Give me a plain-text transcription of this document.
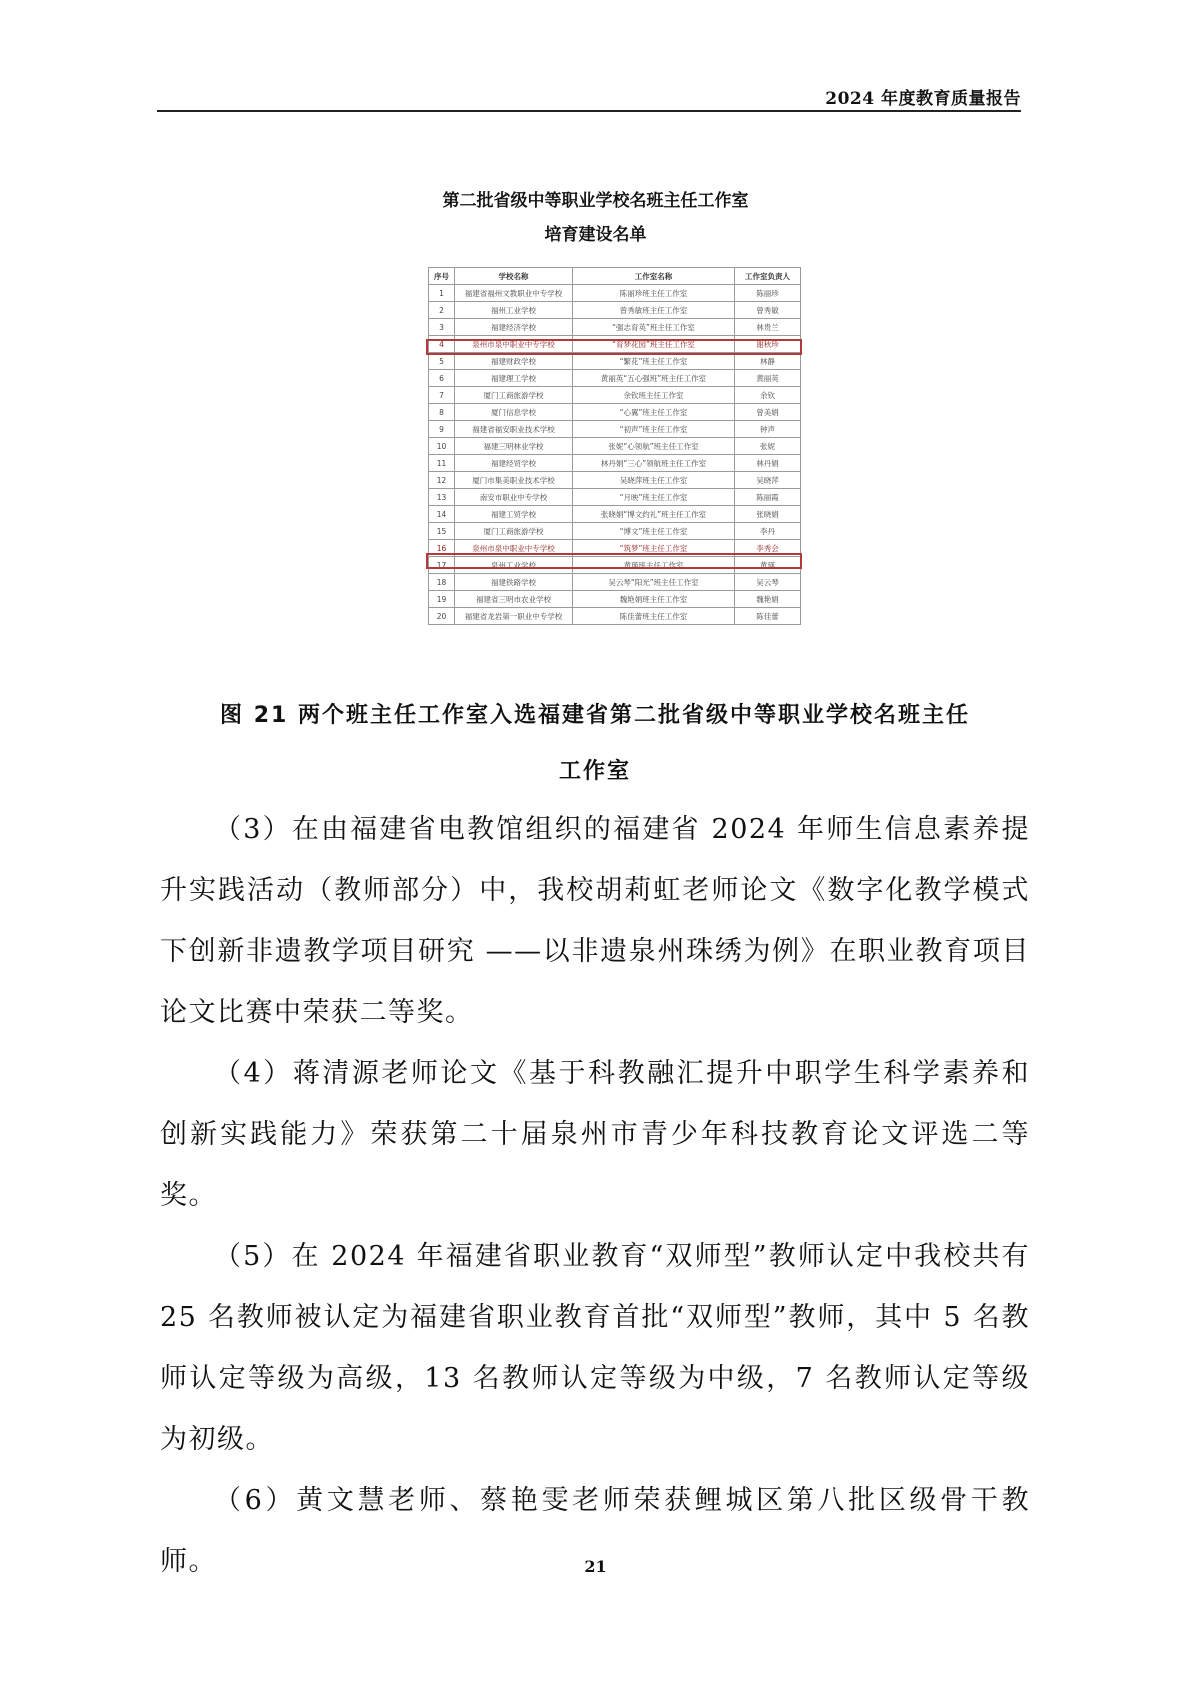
2024 年度教育质量报告
第二批省级中等职业学校名班主任工作室
培育建设名单
序号	学校名称	工作室名称	工作室负责人
1	福建省福州文教职业中专学校	陈丽珍班主任工作室	陈丽珍
2	福州工业学校	曾秀敏班主任工作室	曾秀敏
3	福建经济学校	“强志育英”班主任工作室	林贵兰
4	泉州市泉中职业中专学校	“育梦花园”班主任工作室	谢秋珍
5	福建财政学校	“繁花”班主任工作室	林静
6	福建理工学校	黄丽英“五心强班”班主任工作室	黄丽英
7	厦门工商旅游学校	余钦班主任工作室	余钦
8	厦门信息学校	“心翼”班主任工作室	曾美娟
9	福建省福安职业技术学校	“初声”班主任工作室	钟声
10	福建三明林业学校	张妮“心领航”班主任工作室	张妮
11	福建经贸学校	林丹娟“三心”领航班主任工作室	林丹娟
12	厦门市集美职业技术学校	吴晓萍班主任工作室	吴晓萍
13	南安市职业中专学校	“月映”班主任工作室	陈丽霞
14	福建工贸学校	张晓娟“博文约礼”班主任工作室	张晓娟
15	厦门工商旅游学校	“博文”班主任工作室	李丹
16	泉州市泉中职业中专学校	“筑梦”班主任工作室	李秀会
17	泉州工业学校	黄瑛班主任工作室	黄瑛
18	福建铁路学校	吴云琴“阳光”班主任工作室	吴云琴
19	福建省三明市农业学校	魏艳娟班主任工作室	魏艳娟
20	福建省龙岩第一职业中专学校	陈佳蕾班主任工作室	陈佳蕾
图 21 两个班主任工作室入选福建省第二批省级中等职业学校名班主任
工作室

（3）在由福建省电教馆组织的福建省 2024 年师生信息素养提升实践活动（教师部分）中，我校胡莉虹老师论文《数字化教学模式下创新非遗教学项目研究 ——以非遗泉州珠绣为例》在职业教育项目论文比赛中荣获二等奖。

（4）蒋清源老师论文《基于科教融汇提升中职学生科学素养和创新实践能力》荣获第二十届泉州市青少年科技教育论文评选二等奖。

（5）在 2024 年福建省职业教育“双师型”教师认定中我校共有 25 名教师被认定为福建省职业教育首批“双师型”教师，其中 5 名教师认定等级为高级，13 名教师认定等级为中级，7 名教师认定等级为初级。

（6）黄文慧老师、蔡艳雯老师荣获鲤城区第八批区级骨干教师。	21
